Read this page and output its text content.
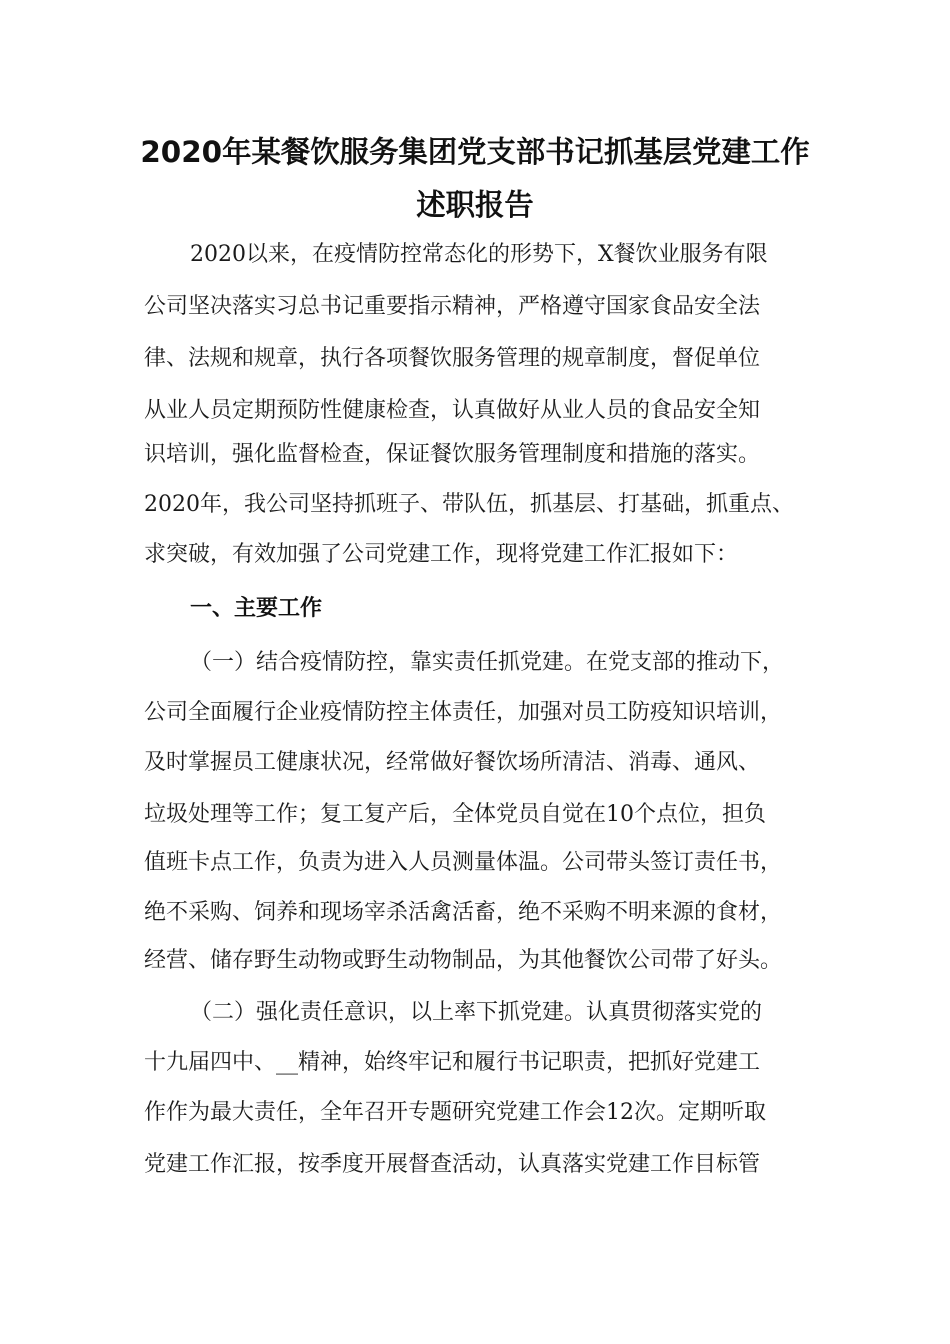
2020年某餐饮服务集团党支部书记抓基层党建工作
述职报告
2020以来，在疫情防控常态化的形势下，X餐饮业服务有限
公司坚决落实习总书记重要指示精神，严格遵守国家食品安全法
律、法规和规章，执行各项餐饮服务管理的规章制度，督促单位
从业人员定期预防性健康检查，认真做好从业人员的食品安全知
识培训，强化监督检查，保证餐饮服务管理制度和措施的落实。
2020年，我公司坚持抓班子、带队伍，抓基层、打基础，抓重点、
求突破，有效加强了公司党建工作，现将党建工作汇报如下：
一、主要工作
（一）结合疫情防控，靠实责任抓党建。在党支部的推动下，
公司全面履行企业疫情防控主体责任，加强对员工防疫知识培训，
及时掌握员工健康状况，经常做好餐饮场所清洁、消毒、通风、
垃圾处理等工作；复工复产后，全体党员自觉在10个点位，担负
值班卡点工作，负责为进入人员测量体温。公司带头签订责任书，
绝不采购、饲养和现场宰杀活禽活畜，绝不采购不明来源的食材，
经营、储存野生动物或野生动物制品，为其他餐饮公司带了好头。
（二）强化责任意识，以上率下抓党建。认真贯彻落实党的
十九届四中、__精神，始终牢记和履行书记职责，把抓好党建工
作作为最大责任，全年召开专题研究党建工作会12次。定期听取
党建工作汇报，按季度开展督查活动，认真落实党建工作目标管
